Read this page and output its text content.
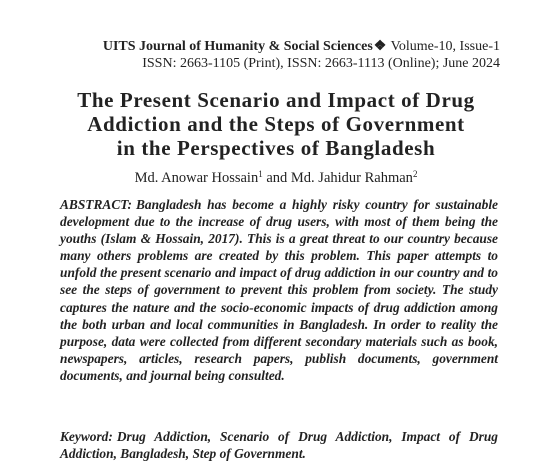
UITS Journal of Humanity & Social Sciences❖ Volume-10, Issue-1
ISSN: 2663-1105 (Print), ISSN: 2663-1113 (Online); June 2024
The Present Scenario and Impact of Drug
Addiction and the Steps of Government
in the Perspectives of Bangladesh
Md. Anowar Hossain$^1$ and Md. Jahidur Rahman$^2$
ABSTRACT: Bangladesh has become a highly risky country for sustainable development due to the increase of drug users, with most of them being the youths (Islam & Hossain, 2017). This is a great threat to our country because many others problems are created by this problem. This paper attempts to unfold the present scenario and impact of drug addiction in our country and to see the steps of government to prevent this problem from society. The study captures the nature and the socio-economic impacts of drug addiction among the both urban and local communities in Bangladesh. In order to reality the purpose, data were collected from different secondary materials such as book, newspapers, articles, research papers, publish documents, government documents, and journal being consulted.
Keyword: Drug Addiction, Scenario of Drug Addiction, Impact of Drug Addiction, Bangladesh, Step of Government.
